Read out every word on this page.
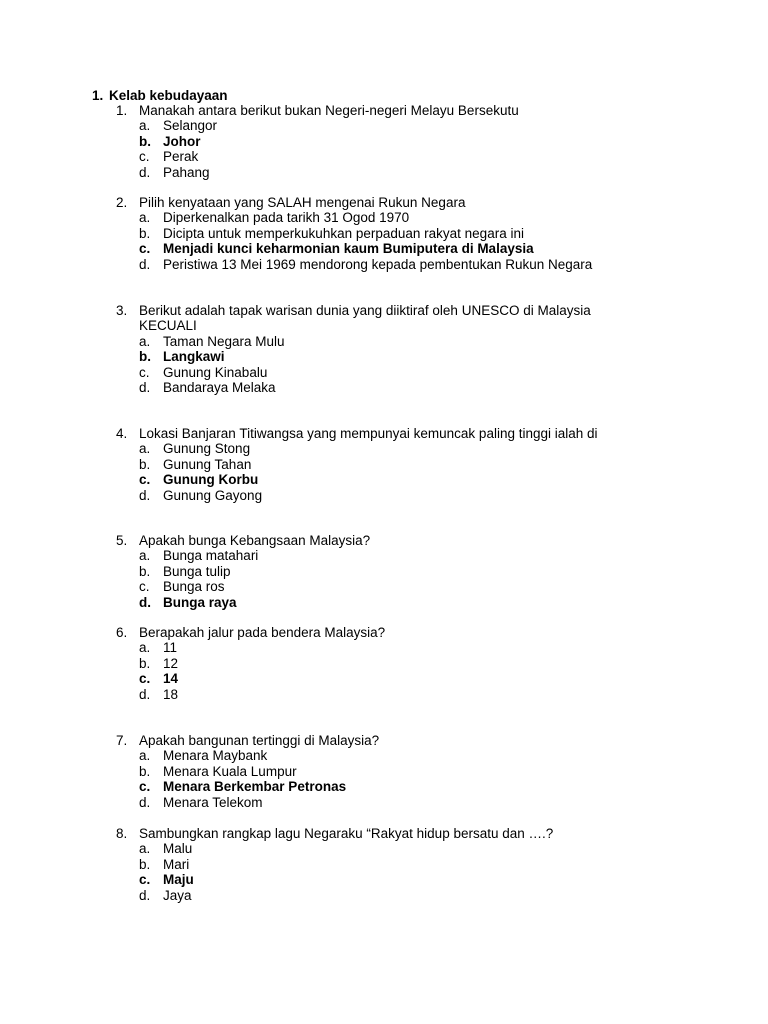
1. Kelab kebudayaan
1. Manakah antara berikut bukan Negeri-negeri Melayu Bersekutu
a. Selangor
b. Johor
c. Perak
d. Pahang
2. Pilih kenyataan yang SALAH mengenai Rukun Negara
a. Diperkenalkan pada tarikh 31 Ogod 1970
b. Dicipta untuk memperkukuhkan perpaduan rakyat negara ini
c. Menjadi kunci keharmonian kaum Bumiputera di Malaysia
d. Peristiwa 13 Mei 1969 mendorong kepada pembentukan Rukun Negara
3. Berikut adalah tapak warisan dunia yang diiktiraf oleh UNESCO di Malaysia KECUALI
a. Taman Negara Mulu
b. Langkawi
c. Gunung Kinabalu
d. Bandaraya Melaka
4. Lokasi Banjaran Titiwangsa yang mempunyai kemuncak paling tinggi ialah di
a. Gunung Stong
b. Gunung Tahan
c. Gunung Korbu
d. Gunung Gayong
5. Apakah bunga Kebangsaan Malaysia?
a. Bunga matahari
b. Bunga tulip
c. Bunga ros
d. Bunga raya
6. Berapakah jalur pada bendera Malaysia?
a. 11
b. 12
c. 14
d. 18
7. Apakah bangunan tertinggi di Malaysia?
a. Menara Maybank
b. Menara Kuala Lumpur
c. Menara Berkembar Petronas
d. Menara Telekom
8. Sambungkan rangkap lagu Negaraku “Rakyat hidup bersatu dan ….?
a. Malu
b. Mari
c. Maju
d. Jaya
